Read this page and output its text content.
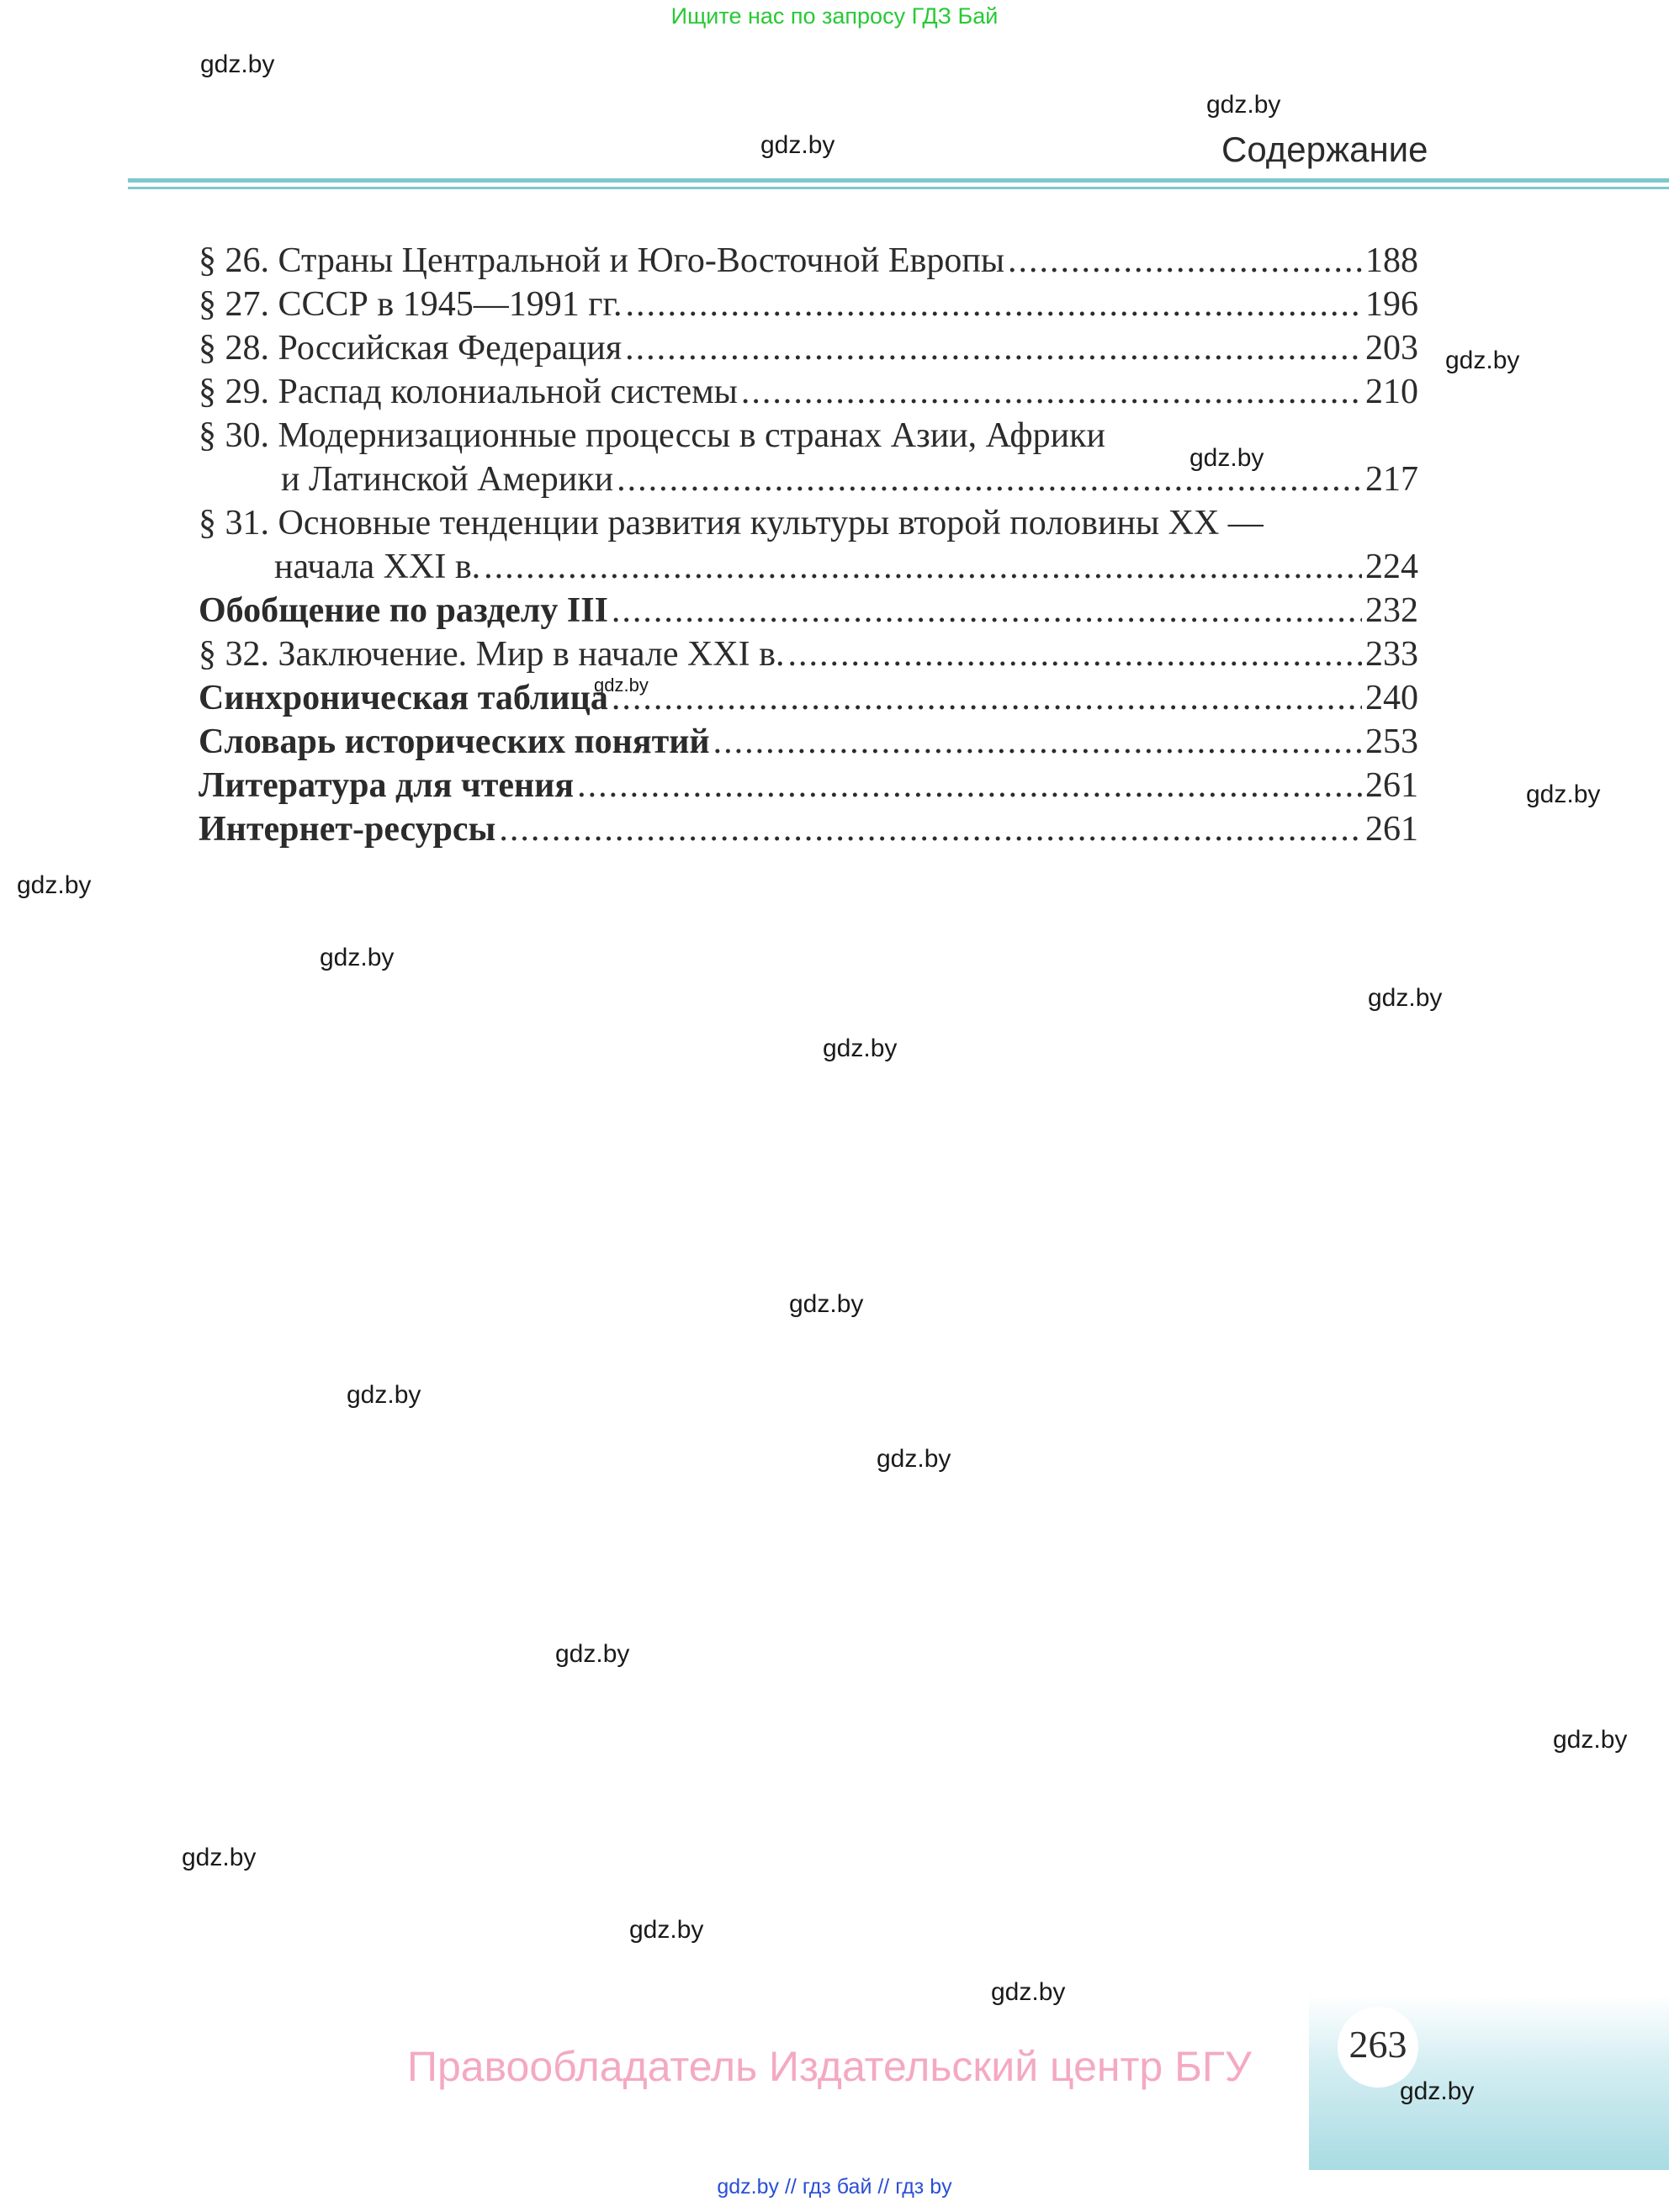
Ищите нас по запросу ГДЗ Бай
gdz.by
gdz.by
gdz.by
gdz.by
gdz.by
gdz.by
gdz.by
gdz.by
gdz.by
gdz.by
gdz.by
gdz.by
gdz.by
gdz.by
gdz.by
gdz.by
gdz.by
gdz.by
gdz.by
Содержание
§ 26. Страны Центральной и Юго-Восточной Европы .....	188
§ 27. СССР в 1945—1991 гг. .....	196
§ 28. Российская Федерация .....	203
§ 29. Распад колониальной системы .....	210
§ 30. Модернизационные процессы в странах Азии, Африки
и Латинской Америки .....	217
§ 31. Основные тенденции развития культуры второй половины XX —
начала XXI в. .....	224
Обобщение по разделу III .....	232
§ 32. Заключение. Мир в начале XXI в. .....	233
Синхроническая таблица .....	240
Словарь исторических понятий .....	253
Литература для чтения .....	261
Интернет-ресурсы .....	261
263
gdz.by
Правообладатель Издательский центр БГУ
gdz.by // гдз бай // гдз by
